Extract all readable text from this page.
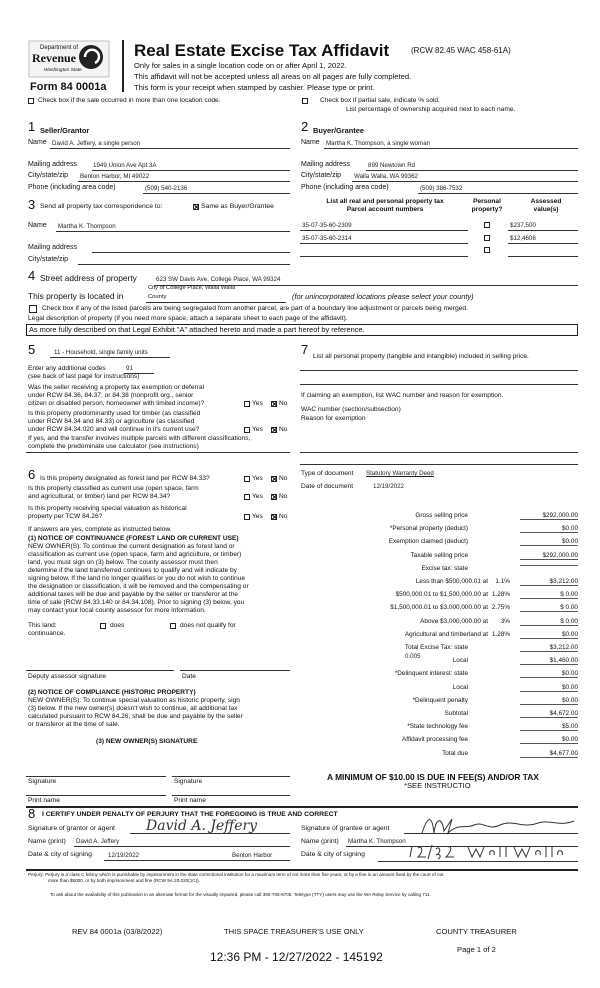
Department of
Revenue
Washington State
Form 84 0001a
Real Estate Excise Tax Affidavit	(RCW 82.45 WAC 458-61A)
Only for sales in a single location code on or after April 1, 2022.
This affidavit will not be accepted unless all areas on all pages are fully completed.
This form is your receipt when stamped by cashier. Please type or print.
Check box if the sale occurred in more than one location code.	Check box if partial sale, indicate % sold.
List percentage of ownership acquired next to each name.
1 Seller/Grantor
Name David A. Jeffery, a single person
Mailing address	1949 Union Ave Apt 3A
City/state/zip Benton Harbor, MI 49022
Phone (including area code)	(509) 540-2136
2 Buyer/Grantee
Name Martha K. Thompson, a single woman
Mailing address	899 Newtown Rd
City/state/zip Walla Walla, WA 99362
Phone (including area code)	(509) 386-7532
3 Send all property tax correspondence to:	Same as Buyer/Grantee
Name Martha K. Thompson
Mailing address
City/state/zip
List all real and personal property tax
Parcel account numbers
Personal
property?
Assessed
value(s)
35-07-35-60-2309	$237,500
35-07-35-60-2314	$12,4606
4 Street address of property	623 SW Davis Ave, College Place, WA 99324
City of College Place, Walla Walla
This property is located in	County	(for unincorporated locations please select your county)
Check box if any of the listed parcels are being segregated from another parcel, are part of a boundary line adjustment or parcels being merged.
Legal description of property (if you need more space, attach a separate sheet to each page of the affidavit).
As more fully described on that Legal Exhibit "A" attached hereto and made a part hereof by reference.
5	11 - Household, single family units
Enter any additional codes	91
(see back of last page for instructions)
Was the seller receiving a property tax exemption or deferral
under RCW 84.36, 84.37, or 84.38 (nonprofit org., senior
citizen or disabled person, homeowner with limited income)?	Yes No
Is this property predominantly used for timber (as classified
under RCW 84.34 and 84.33) or agriculture (as classified
under RCW 84.34.020 and will continue in it's current use?	Yes No
If yes, and the transfer involves multiple parcels with different classifications,
complete the predominate use calculator (see instructions)
7 List all personal property (tangible and intangible) included in selling price.
If claiming an exemption, list WAC number and reason for exemption.
WAC number (section/subsection)
Reason for exemption
Type of document Statutory Warranty Deed
Date of document	12/19/2022
6 Is this property designated as forest land per RCW 84.33?	Yes No
Is this property classified as current use (open space, farm
and agricultural, or timber) land per RCW 84.34?	Yes No
Is this property receiving special valuation as historical
property per TCW 84.26?	Yes No
If answers are yes, complete as instructed below.
(1) NOTICE OF CONTINUANCE (FOREST LAND OR CURRENT USE)
NEW OWNER(S): To continue the current designation as forest land or
classification as current use (open space, farm and agriculture, or timber)
land, you must sign on (3) below. The county assessor must then
determine if the land transferred continues to qualify and will indicate by
signing below. If the land no longer qualifies or you do not wish to continue
the designation or classification, it will be removed and the compensating or
additional taxes will be due and payable by the seller or transferor at the
time of sale (RCW 84.33.140 or 84.34.108). Prior to signing (3) below, you
may contact your local county assessor for more information.
This land:	does	does not qualify for
continuance.
Deputy assessor signature	Date
(2) NOTICE OF COMPLIANCE (HISTORIC PROPERTY)
NEW OWNER(S): To continue special valuation as historic property, sign
(3) below. If the new owner(s) doesn't wish to continue, all additional tax
calculated pursuant to RCW 84.26, shall be due and payable by the seller
or transferor at the time of sale.
(3) NEW OWNER(S) SIGNATURE
Signature	Signature
Print name	Print name
Gross selling price	$292,000.00
*Personal property (deduct)	$0.00
Exemption claimed (deduct)	$0.00
Taxable selling price	$292,000.00
Excise tax: state
Less than $500,000.01 at 1.1%	$3,212.00
$500,000.01 to $1,500,000.00 at 1.28%	$ 0.00
$1,500,000.01 to $3,000,000.00 at 2.75%	$ 0.00
Above $3,000,000.00 at 3%	$ 0.00
Agricultural and timberland at 1.28%	$0.00
Total Excise Tax: state	$3,212.00
Local	$1,460.00
*Delinquent interest: state	$0.00
Local	$0.00
*Delinquent penalty	$0.00
Subtotal	$4,672.00
*State technology fee	$5.00
Affidavit processing fee	$0.00
Total due	$4,677.00
0.005
A MINIMUM OF $10.00 IS DUE IN FEE(S) AND/OR TAX
*SEE INSTRUCTIO
8 I CERTIFY UNDER PENALTY OF PERJURY THAT THE FOREGOING IS TRUE AND CORRECT
Signature of grantor or agent David A. Jeffery
Name (print) David A. Jeffery
Date & city of signing	12/19/2022	Benton Harbor
Signature of grantee or agent
Name (print) Martha K. Thompson
Date & city of signing
Perjury: Perjury is a class C felony which is punishable by imprisonment in the state correctional institution for a maximum term of not more than five years, or by a fine in an amount fixed by the court of not
more than $5000, or by both imprisonment and fine (RCW 9A.20.020(1C)).
To ask about the availability of this publication in an alternate format for the visually impaired, please call 360-705-6705. Teletype (TTY) users may use the WA Relay Service by calling 711.
REV 84 0001a (03/8/2022)	THIS SPACE TREASURER'S USE ONLY	COUNTY TREASURER
Page 1 of 2
12:36 PM - 12/27/2022 - 145192
